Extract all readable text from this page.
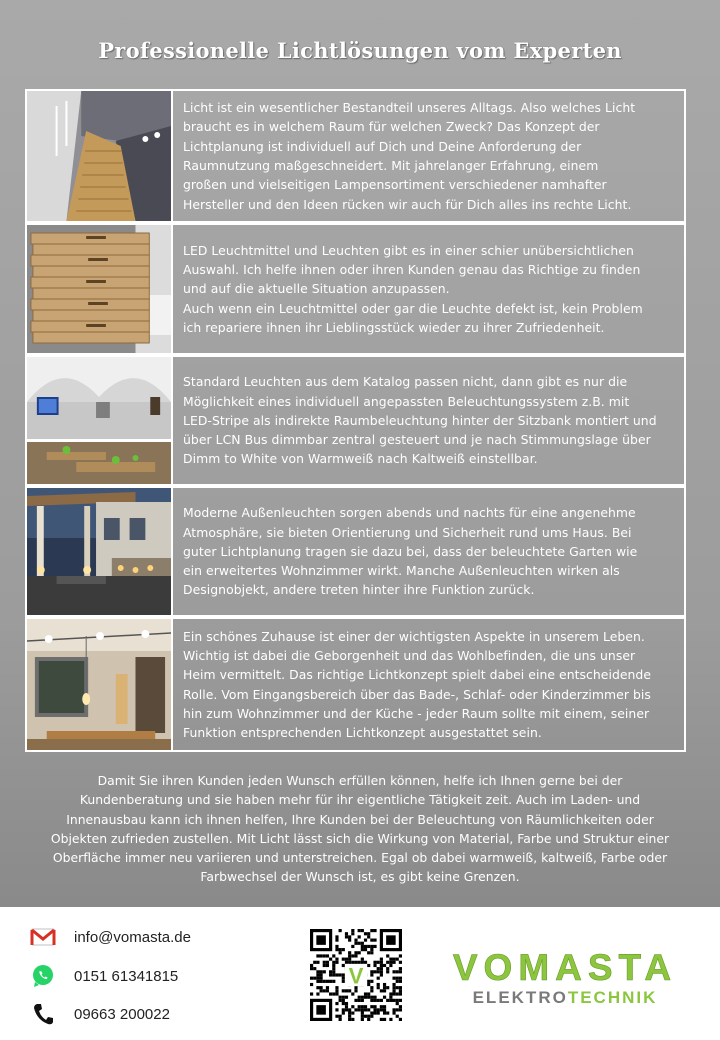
Professionelle Lichtlösungen vom Experten
Licht ist ein wesentlicher Bestandteil unseres Alltags. Also welches Licht
braucht es in welchem Raum für welchen Zweck? Das Konzept der
Lichtplanung ist individuell auf Dich und Deine Anforderung der
Raumnutzung maßgeschneidert. Mit jahrelanger Erfahrung, einem
großen und vielseitigen Lampensortiment verschiedener namhafter
Hersteller und den Ideen rücken wir auch für Dich alles ins rechte Licht.
LED Leuchtmittel und Leuchten gibt es in einer schier unübersichtlichen
Auswahl. Ich helfe ihnen oder ihren Kunden genau das Richtige zu finden
und auf die aktuelle Situation anzupassen.
Auch wenn ein Leuchtmittel oder gar die Leuchte defekt ist, kein Problem
ich repariere ihnen ihr Lieblingsstück wieder zu ihrer Zufriedenheit.
Standard Leuchten aus dem Katalog passen nicht, dann gibt es nur die
Möglichkeit eines individuell angepassten Beleuchtungssystem z.B. mit
LED-Stripe als indirekte Raumbeleuchtung hinter der Sitzbank montiert und
über LCN Bus dimmbar zentral gesteuert und je nach Stimmungslage über
Dimm to White von Warmweiß nach Kaltweiß einstellbar.
Moderne Außenleuchten sorgen abends und nachts für eine angenehme
Atmosphäre, sie bieten Orientierung und Sicherheit rund ums Haus. Bei
guter Lichtplanung tragen sie dazu bei, dass der beleuchtete Garten wie
ein erweitertes Wohnzimmer wirkt. Manche Außenleuchten wirken als
Designobjekt, andere treten hinter ihre Funktion zurück.
Ein schönes Zuhause ist einer der wichtigsten Aspekte in unserem Leben.
Wichtig ist dabei die Geborgenheit und das Wohlbefinden, die uns unser
Heim vermittelt. Das richtige Lichtkonzept spielt dabei eine entscheidende
Rolle. Vom Eingangsbereich über das Bade-, Schlaf- oder Kinderzimmer bis
hin zum Wohnzimmer und der Küche - jeder Raum sollte mit einem, seiner
Funktion entsprechenden Lichtkonzept ausgestattet sein.
Damit Sie ihren Kunden jeden Wunsch erfüllen können, helfe ich Ihnen gerne bei der
Kundenberatung und sie haben mehr für ihr eigentliche Tätigkeit zeit. Auch im Laden- und
Innenausbau kann ich ihnen helfen, Ihre Kunden bei der Beleuchtung von Räumlichkeiten oder
Objekten zufrieden zustellen. Mit Licht lässt sich die Wirkung von Material, Farbe und Struktur einer
Oberfläche immer neu variieren und unterstreichen. Egal ob dabei warmweiß, kaltweiß, Farbe oder
Farbwechsel der Wunsch ist, es gibt keine Grenzen.
info@vomasta.de
0151 61341815
09663 200022
V VOMASTA
ELEKTROTECHNIK
